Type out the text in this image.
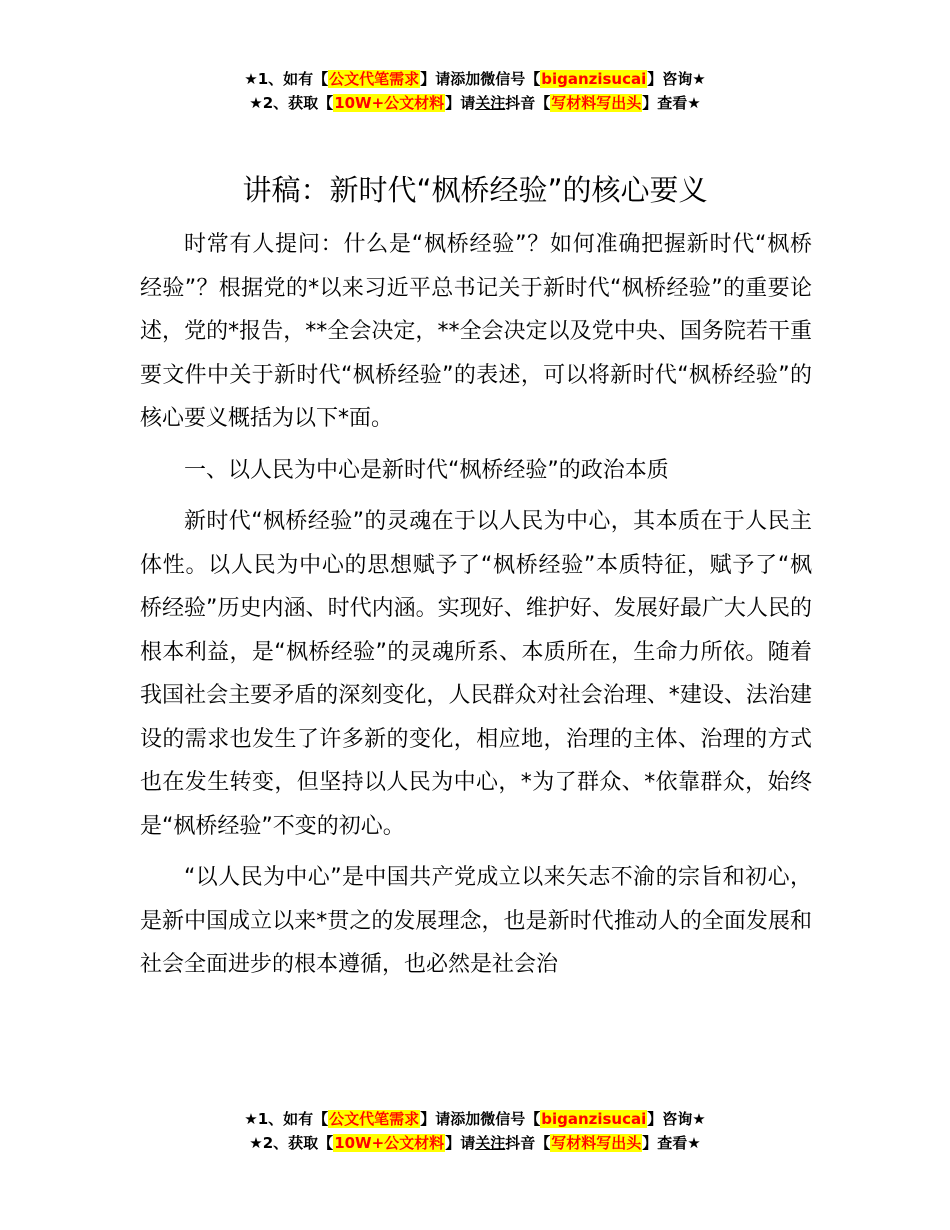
★1、如有【公文代笔需求】请添加微信号【biganzisucai】咨询★
★2、获取【10W+公文材料】请关注抖音【写材料写出头】查看★
讲稿：新时代“枫桥经验”的核心要义

时常有人提问：什么是“枫桥经验”？如何准确把握新时代“枫桥经验”？根据党的*以来习近平总书记关于新时代“枫桥经验”的重要论述，党的*报告，**全会决定，**全会决定以及党中央、国务院若干重要文件中关于新时代“枫桥经验”的表述，可以将新时代“枫桥经验”的核心要义概括为以下*面。

一、以人民为中心是新时代“枫桥经验”的政治本质

新时代“枫桥经验”的灵魂在于以人民为中心，其本质在于人民主体性。以人民为中心的思想赋予了“枫桥经验”本质特征，赋予了“枫桥经验”历史内涵、时代内涵。实现好、维护好、发展好最广大人民的根本利益，是“枫桥经验”的灵魂所系、本质所在，生命力所依。随着我国社会主要矛盾的深刻变化，人民群众对社会治理、*建设、法治建设的需求也发生了许多新的变化，相应地，治理的主体、治理的方式也在发生转变，但坚持以人民为中心，*为了群众、*依靠群众，始终是“枫桥经验”不变的初心。

“以人民为中心”是中国共产党成立以来矢志不渝的宗旨和初心，是新中国成立以来*贯之的发展理念，也是新时代推动人的全面发展和社会全面进步的根本遵循，也必然是社会治

★1、如有【公文代笔需求】请添加微信号【biganzisucai】咨询★
★2、获取【10W+公文材料】请关注抖音【写材料写出头】查看★
